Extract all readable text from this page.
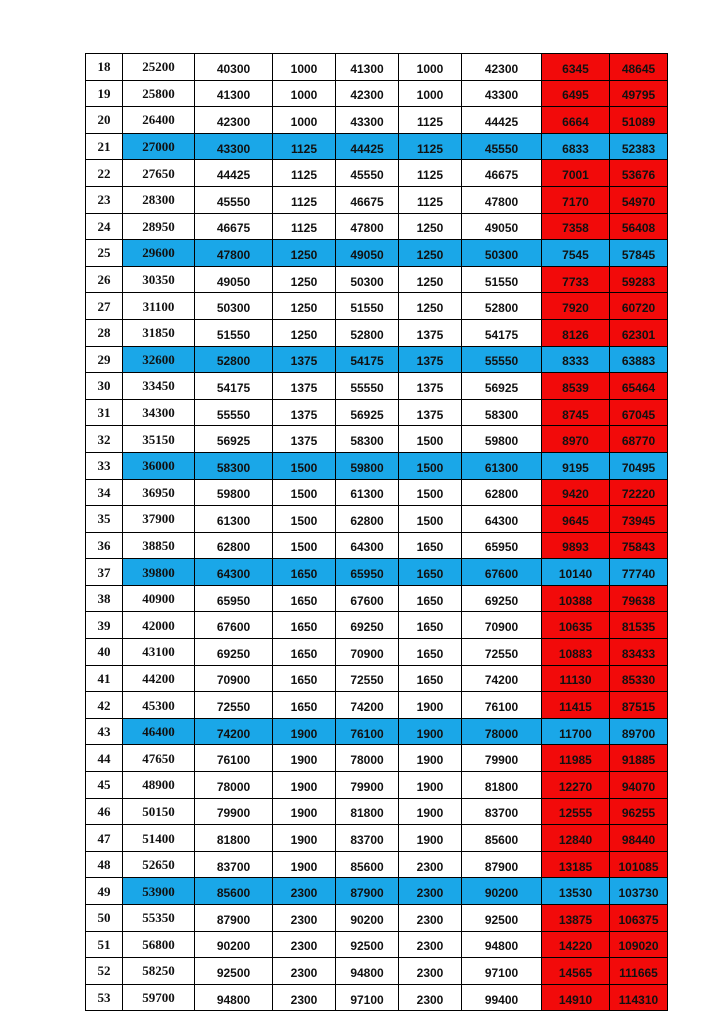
18	25200	40300	1000	41300	1000	42300	6345	48645
19	25800	41300	1000	42300	1000	43300	6495	49795
20	26400	42300	1000	43300	1125	44425	6664	51089
21	27000	43300	1125	44425	1125	45550	6833	52383
22	27650	44425	1125	45550	1125	46675	7001	53676
23	28300	45550	1125	46675	1125	47800	7170	54970
24	28950	46675	1125	47800	1250	49050	7358	56408
25	29600	47800	1250	49050	1250	50300	7545	57845
26	30350	49050	1250	50300	1250	51550	7733	59283
27	31100	50300	1250	51550	1250	52800	7920	60720
28	31850	51550	1250	52800	1375	54175	8126	62301
29	32600	52800	1375	54175	1375	55550	8333	63883
30	33450	54175	1375	55550	1375	56925	8539	65464
31	34300	55550	1375	56925	1375	58300	8745	67045
32	35150	56925	1375	58300	1500	59800	8970	68770
33	36000	58300	1500	59800	1500	61300	9195	70495
34	36950	59800	1500	61300	1500	62800	9420	72220
35	37900	61300	1500	62800	1500	64300	9645	73945
36	38850	62800	1500	64300	1650	65950	9893	75843
37	39800	64300	1650	65950	1650	67600	10140	77740
38	40900	65950	1650	67600	1650	69250	10388	79638
39	42000	67600	1650	69250	1650	70900	10635	81535
40	43100	69250	1650	70900	1650	72550	10883	83433
41	44200	70900	1650	72550	1650	74200	11130	85330
42	45300	72550	1650	74200	1900	76100	11415	87515
43	46400	74200	1900	76100	1900	78000	11700	89700
44	47650	76100	1900	78000	1900	79900	11985	91885
45	48900	78000	1900	79900	1900	81800	12270	94070
46	50150	79900	1900	81800	1900	83700	12555	96255
47	51400	81800	1900	83700	1900	85600	12840	98440
48	52650	83700	1900	85600	2300	87900	13185	101085
49	53900	85600	2300	87900	2300	90200	13530	103730
50	55350	87900	2300	90200	2300	92500	13875	106375
51	56800	90200	2300	92500	2300	94800	14220	109020
52	58250	92500	2300	94800	2300	97100	14565	111665
53	59700	94800	2300	97100	2300	99400	14910	114310
